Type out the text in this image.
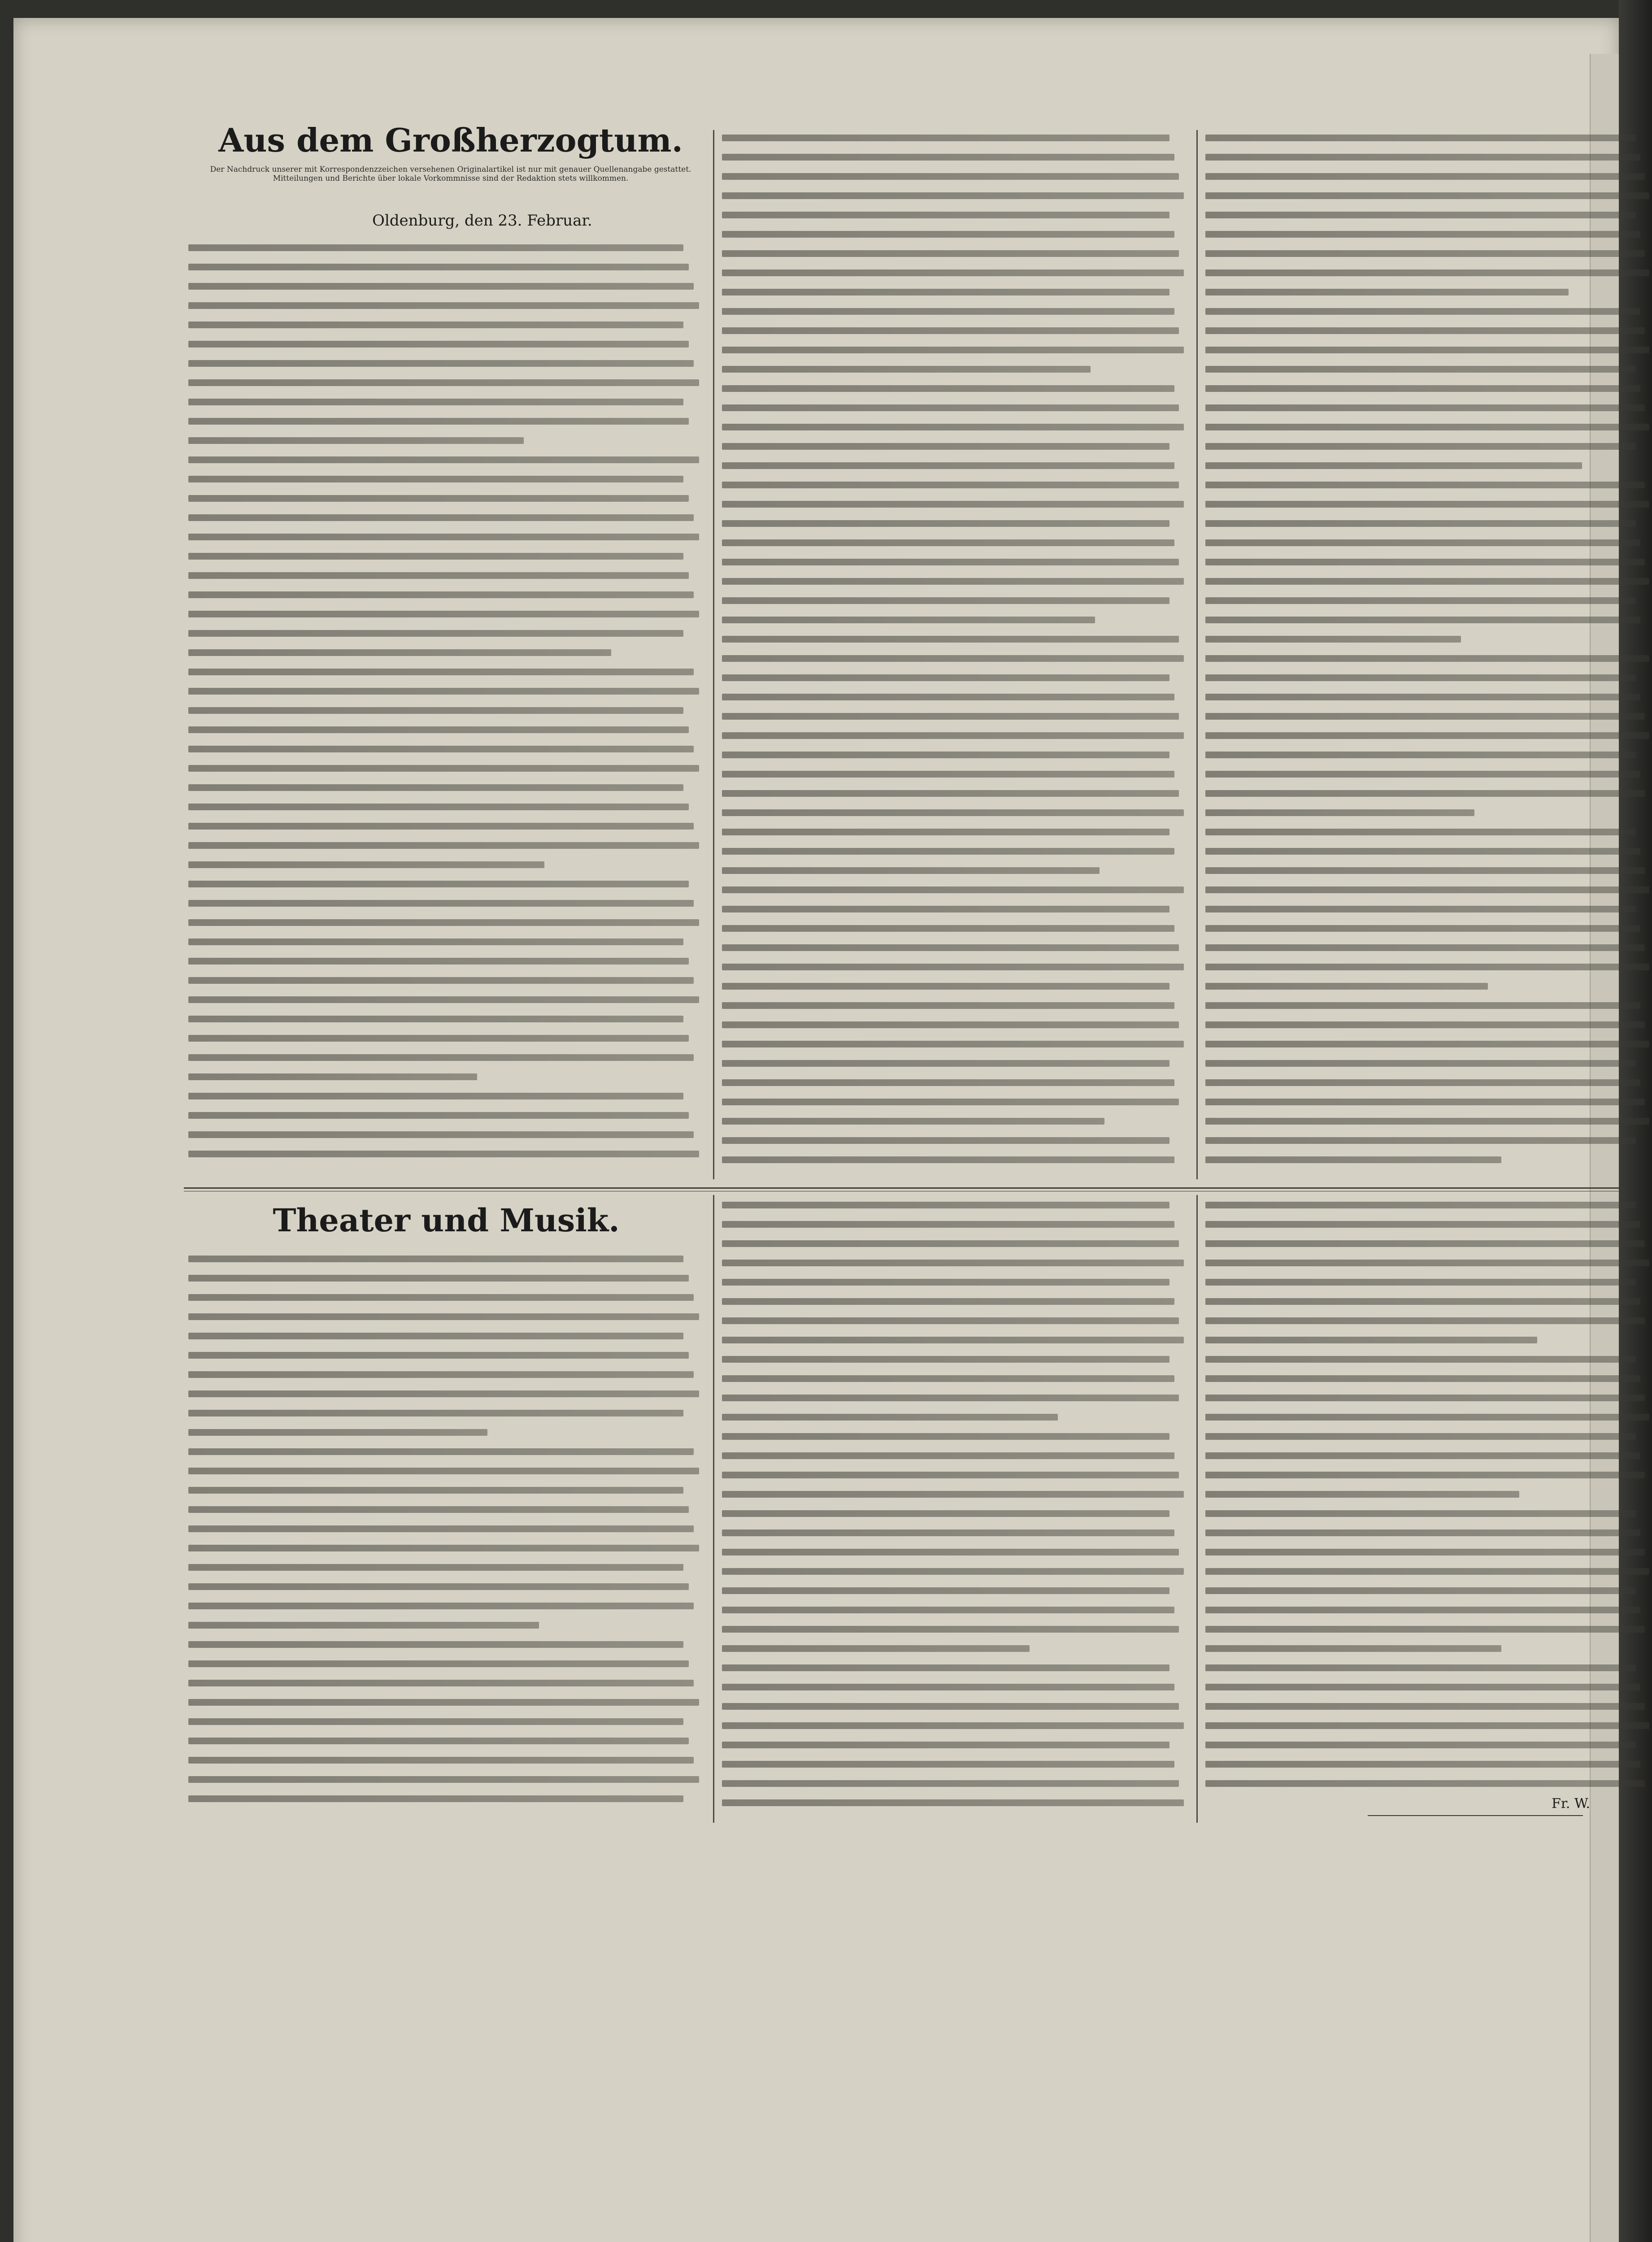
Aus dem Großherzogtum.
Der Nachdruck unserer mit Korrespondenzzeichen versehenen Originalartikel ist nur mit genauer Quellenangabe gestattet. Mitteilungen und Berichte über lokale Vorkommnisse sind der Redaktion stets willkommen.
Oldenburg, den 23. Februar.
Theater und Musik.
Fr. W.
